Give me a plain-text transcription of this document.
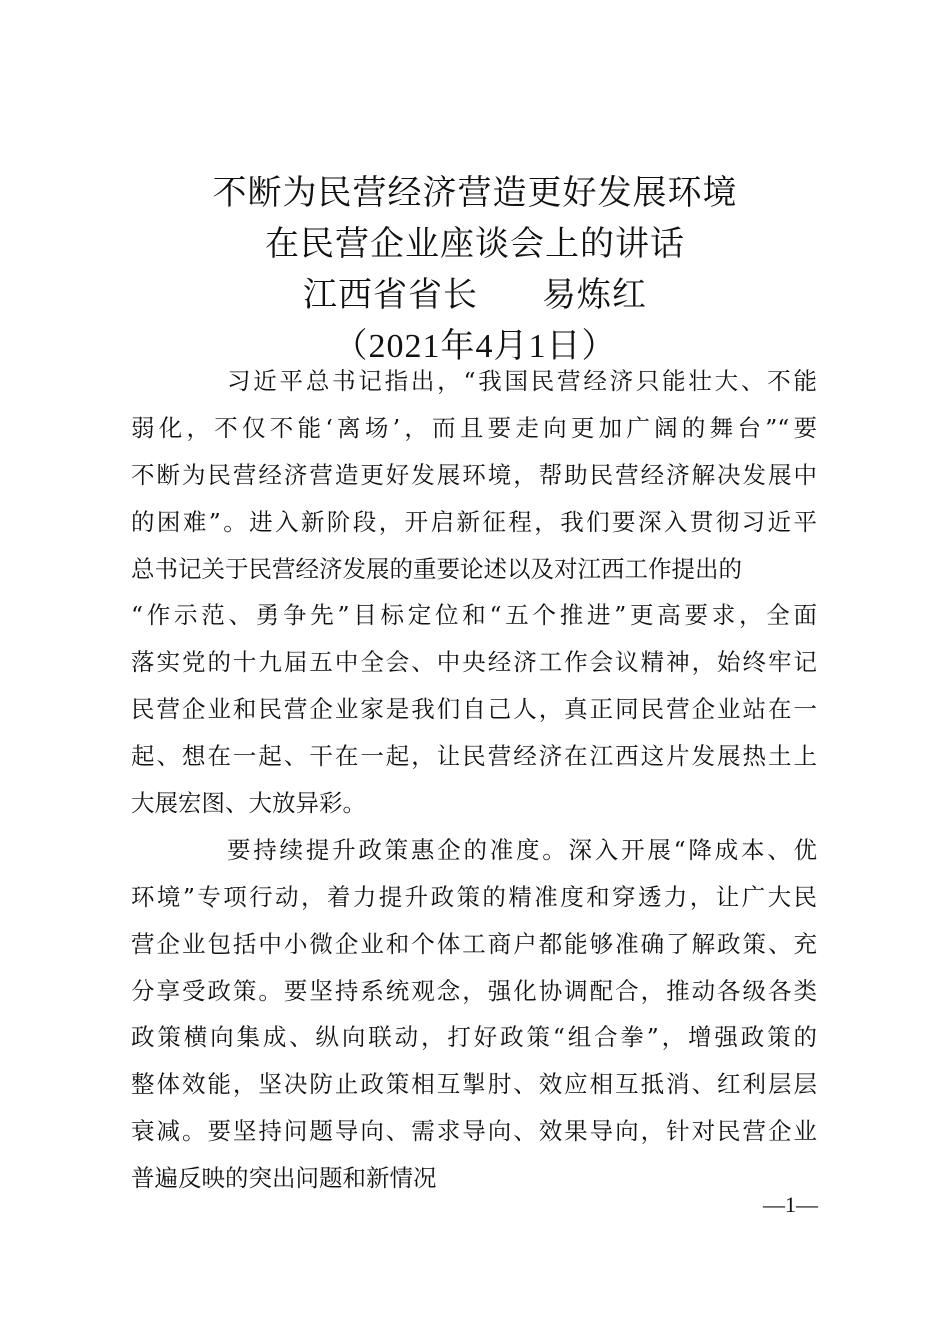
不断为民营经济营造更好发展环境
在民营企业座谈会上的讲话
江西省省长 易炼红
（2021年4月1日）
习近平总书记指出，“我国民营经济只能壮大、不能
弱化，不仅不能‘离场’，而且要走向更加广阔的舞台”“要
不断为民营经济营造更好发展环境，帮助民营经济解决发展中
的困难”。进入新阶段，开启新征程，我们要深入贯彻习近平
总书记关于民营经济发展的重要论述以及对江西工作提出的
“作示范、勇争先”目标定位和“五个推进”更高要求，全面
落实党的十九届五中全会、中央经济工作会议精神，始终牢记
民营企业和民营企业家是我们自己人，真正同民营企业站在一
起、想在一起、干在一起，让民营经济在江西这片发展热土上
大展宏图、大放异彩。
要持续提升政策惠企的准度。深入开展“降成本、优
环境”专项行动，着力提升政策的精准度和穿透力，让广大民
营企业包括中小微企业和个体工商户都能够准确了解政策、充
分享受政策。要坚持系统观念，强化协调配合，推动各级各类
政策横向集成、纵向联动，打好政策“组合拳”，增强政策的
整体效能，坚决防止政策相互掣肘、效应相互抵消、红利层层
衰减。要坚持问题导向、需求导向、效果导向，针对民营企业
普遍反映的突出问题和新情况
—1—
